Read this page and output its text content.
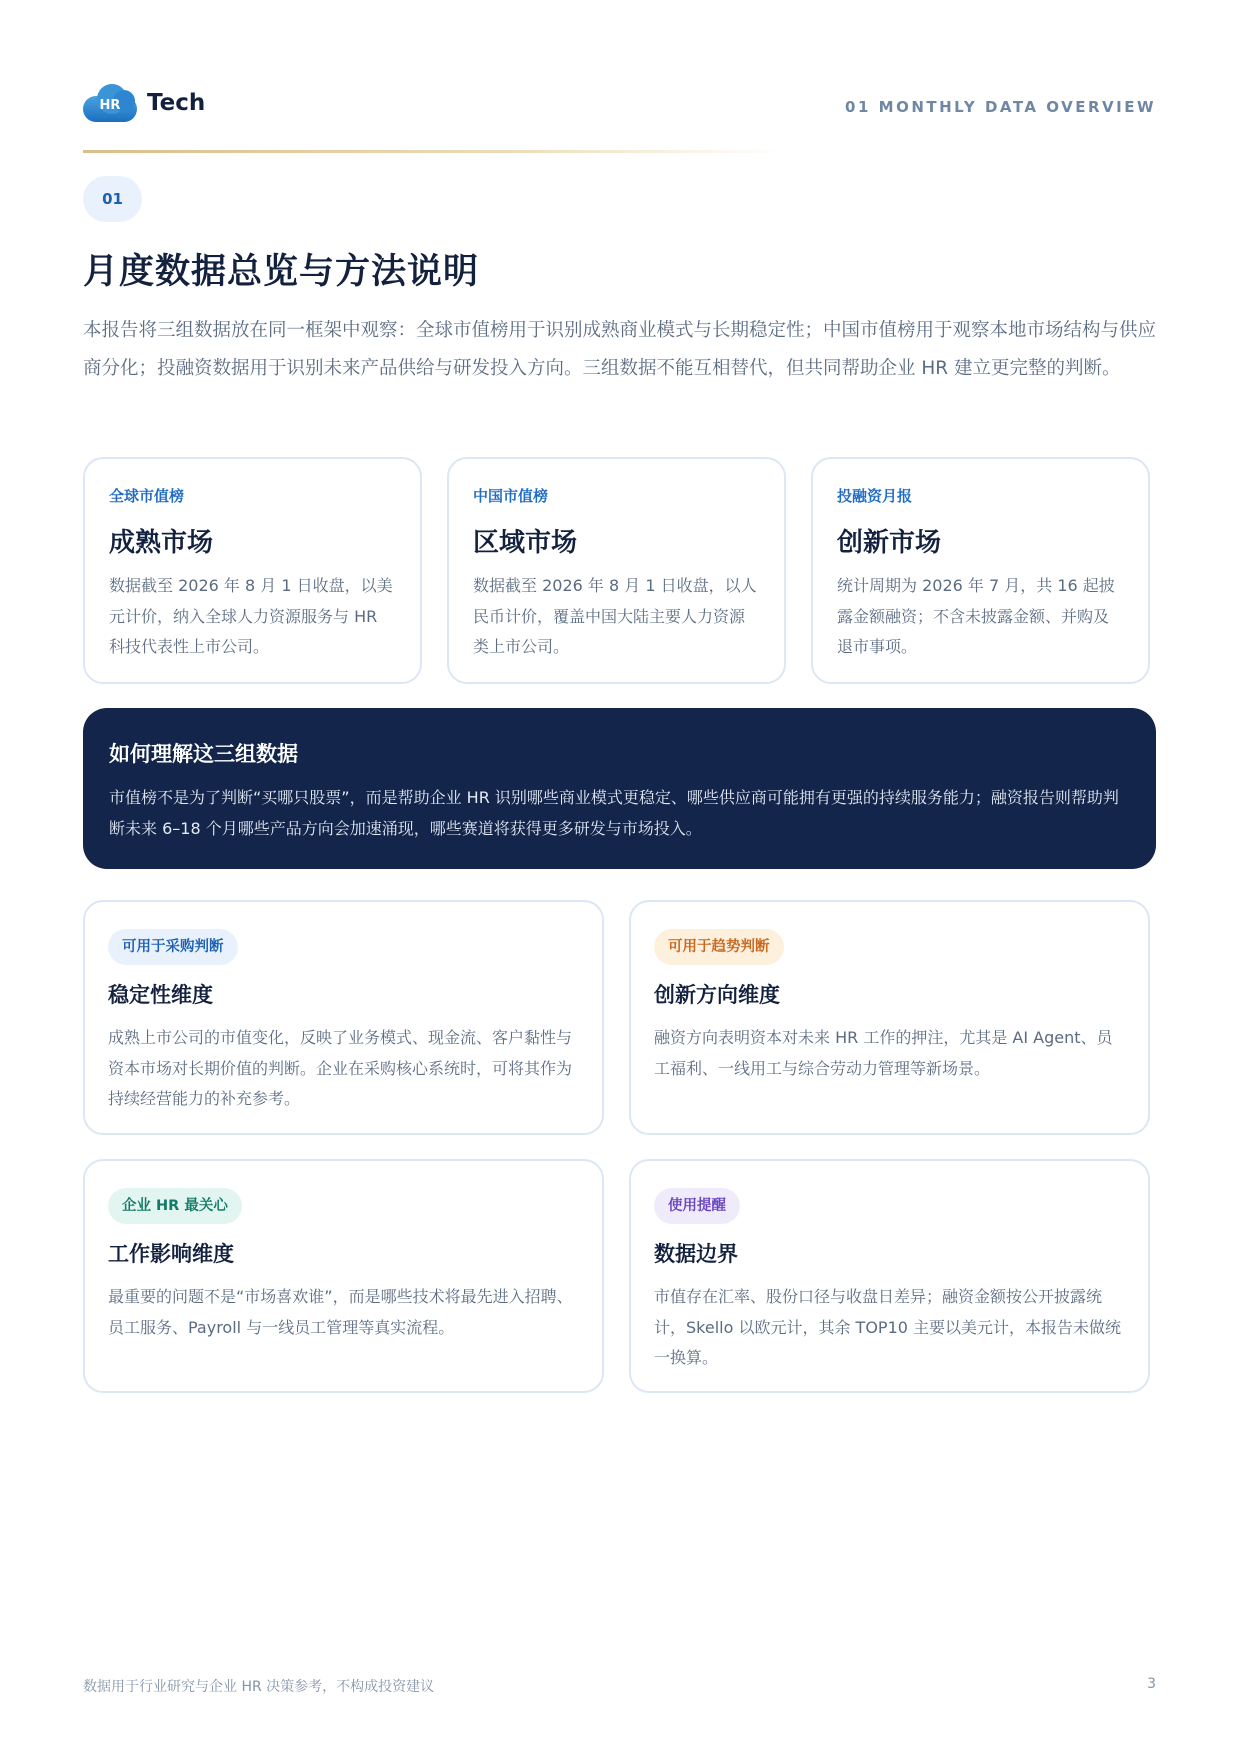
HR	Tech	01 MONTHLY DATA OVERVIEW
01
月度数据总览与方法说明
本报告将三组数据放在同一框架中观察：全球市值榜用于识别成熟商业模式与长期稳定性；中国市值榜用于观察本地市场结构与供应商分化；投融资数据用于识别未来产品供给与研发投入方向。三组数据不能互相替代，但共同帮助企业 HR 建立更完整的判断。
全球市值榜
成熟市场
数据截至 2026 年 8 月 1 日收盘，以美元计价，纳入全球人力资源服务与 HR 科技代表性上市公司。
中国市值榜
区域市场
数据截至 2026 年 8 月 1 日收盘，以人民币计价，覆盖中国大陆主要人力资源类上市公司。
投融资月报
创新市场
统计周期为 2026 年 7 月，共 16 起披露金额融资；不含未披露金额、并购及退市事项。
如何理解这三组数据
市值榜不是为了判断“买哪只股票”，而是帮助企业 HR 识别哪些商业模式更稳定、哪些供应商可能拥有更强的持续服务能力；融资报告则帮助判断未来 6–18 个月哪些产品方向会加速涌现，哪些赛道将获得更多研发与市场投入。
可用于采购判断
稳定性维度
成熟上市公司的市值变化，反映了业务模式、现金流、客户黏性与资本市场对长期价值的判断。企业在采购核心系统时，可将其作为持续经营能力的补充参考。
可用于趋势判断
创新方向维度
融资方向表明资本对未来 HR 工作的押注，尤其是 AI Agent、员工福利、一线用工与综合劳动力管理等新场景。
企业 HR 最关心
工作影响维度
最重要的问题不是“市场喜欢谁”，而是哪些技术将最先进入招聘、员工服务、Payroll 与一线员工管理等真实流程。
使用提醒
数据边界
市值存在汇率、股份口径与收盘日差异；融资金额按公开披露统计，Skello 以欧元计，其余 TOP10 主要以美元计，本报告未做统一换算。
数据用于行业研究与企业 HR 决策参考，不构成投资建议	3
